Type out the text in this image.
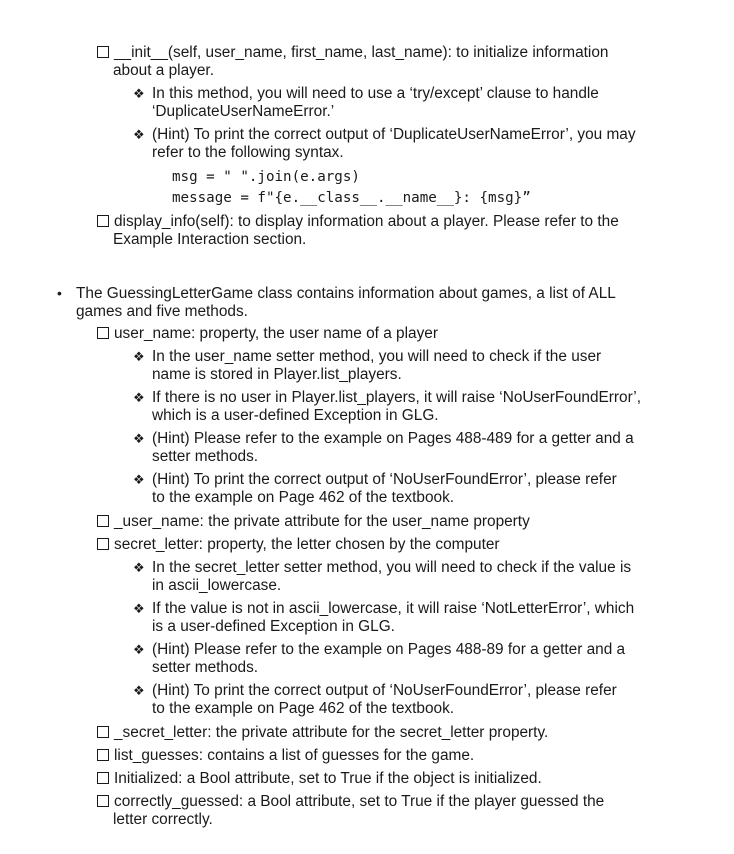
__init__(self, user_name, first_name, last_name): to initialize information
about a player.
❖ In this method, you will need to use a ‘try/except’ clause to handle
‘DuplicateUserNameError.’
❖ (Hint) To print the correct output of ‘DuplicateUserNameError’, you may
refer to the following syntax.
msg = " ".join(e.args)
message = f"{e.__class__.__name__}: {msg}”
display_info(self): to display information about a player. Please refer to the
Example Interaction section.
• The GuessingLetterGame class contains information about games, a list of ALL
games and five methods.
user_name: property, the user name of a player
❖ In the user_name setter method, you will need to check if the user
name is stored in Player.list_players.
❖ If there is no user in Player.list_players, it will raise ‘NoUserFoundError’,
which is a user-defined Exception in GLG.
❖ (Hint) Please refer to the example on Pages 488-489 for a getter and a
setter methods.
❖ (Hint) To print the correct output of ‘NoUserFoundError’, please refer
to the example on Page 462 of the textbook.
_user_name: the private attribute for the user_name property
secret_letter: property, the letter chosen by the computer
❖ In the secret_letter setter method, you will need to check if the value is
in ascii_lowercase.
❖ If the value is not in ascii_lowercase, it will raise ‘NotLetterError’, which
is a user-defined Exception in GLG.
❖ (Hint) Please refer to the example on Pages 488-89 for a getter and a
setter methods.
❖ (Hint) To print the correct output of ‘NoUserFoundError’, please refer
to the example on Page 462 of the textbook.
_secret_letter: the private attribute for the secret_letter property.
list_guesses: contains a list of guesses for the game.
Initialized: a Bool attribute, set to True if the object is initialized.
correctly_guessed: a Bool attribute, set to True if the player guessed the
letter correctly.
